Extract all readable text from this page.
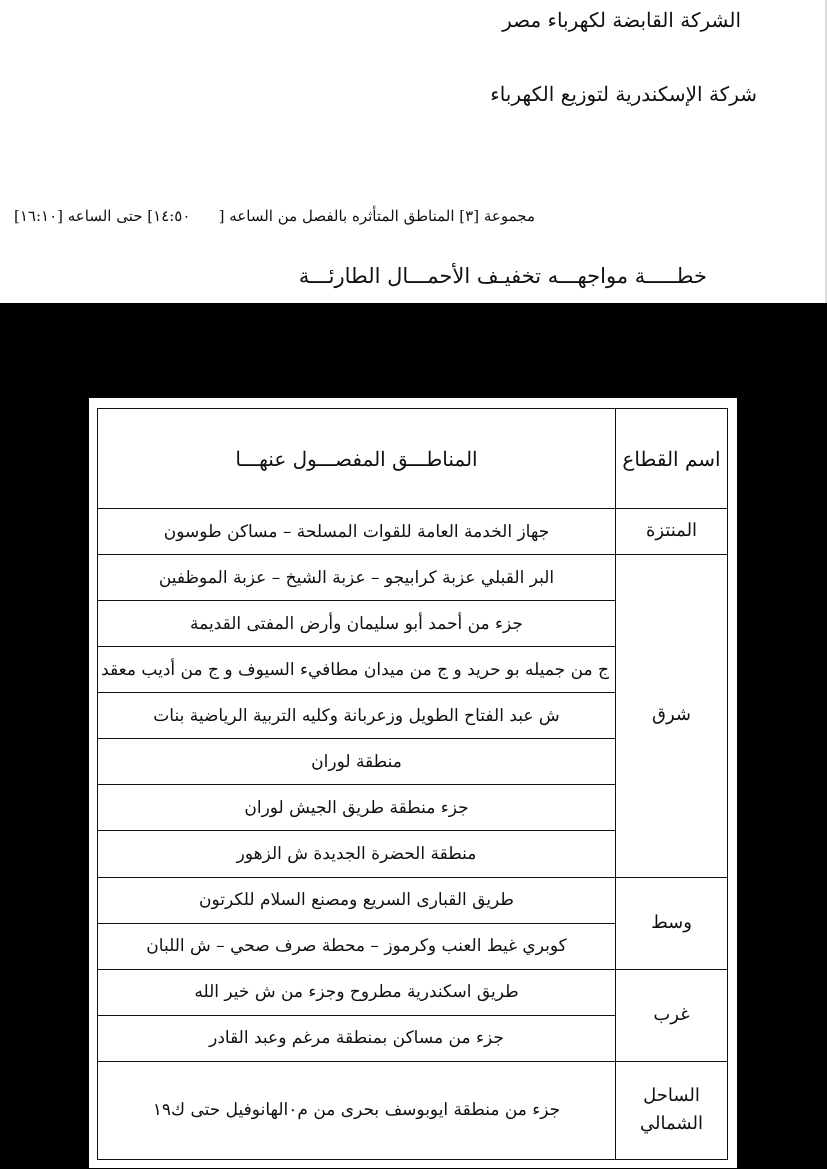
الشركة القابضة لكهرباء مصر
شركة الإسكندرية لتوزيع الكهرباء
مجموعة [٣] المناطق المتأثره بالفصل من الساعه [
١٤:٥٠] حتى الساعه [١٦:١٠]
خطـــــة مواجهـــه تخفيـف الأحمـــال الطارئـــة
اسم القطاع	المناطـــق المفصـــول عنهـــا
المنتزة	جهاز الخدمة العامة للقوات المسلحة – مساكن طوسون
شرق	البر القبلي عزبة كرابيجو – عزبة الشيخ – عزبة الموظفين
	جزء من أحمد أبو سليمان وأرض المفتى القديمة
	ج من جميله بو حريد و ج من ميدان مطافيء السيوف و ج من أديب معقد
	ش عبد الفتاح الطويل وزعربانة وكليه التربية الرياضية بنات
	منطقة لوران
	جزء منطقة طريق الجيش لوران
	منطقة الحضرة الجديدة ش الزهور
وسط	طريق القبارى السريع ومصنع السلام للكرتون
	كوبري غيط العنب وكرموز – محطة صرف صحي – ش اللبان
غرب	طريق اسكندرية مطروح وجزء من ش خير الله
	جزء من مساكن بمنطقة مرغم وعبد القادر
الساحل الشمالي	جزء من منطقة ايوبوسف بحرى من م٠الهانوفيل حتى ك١٩
